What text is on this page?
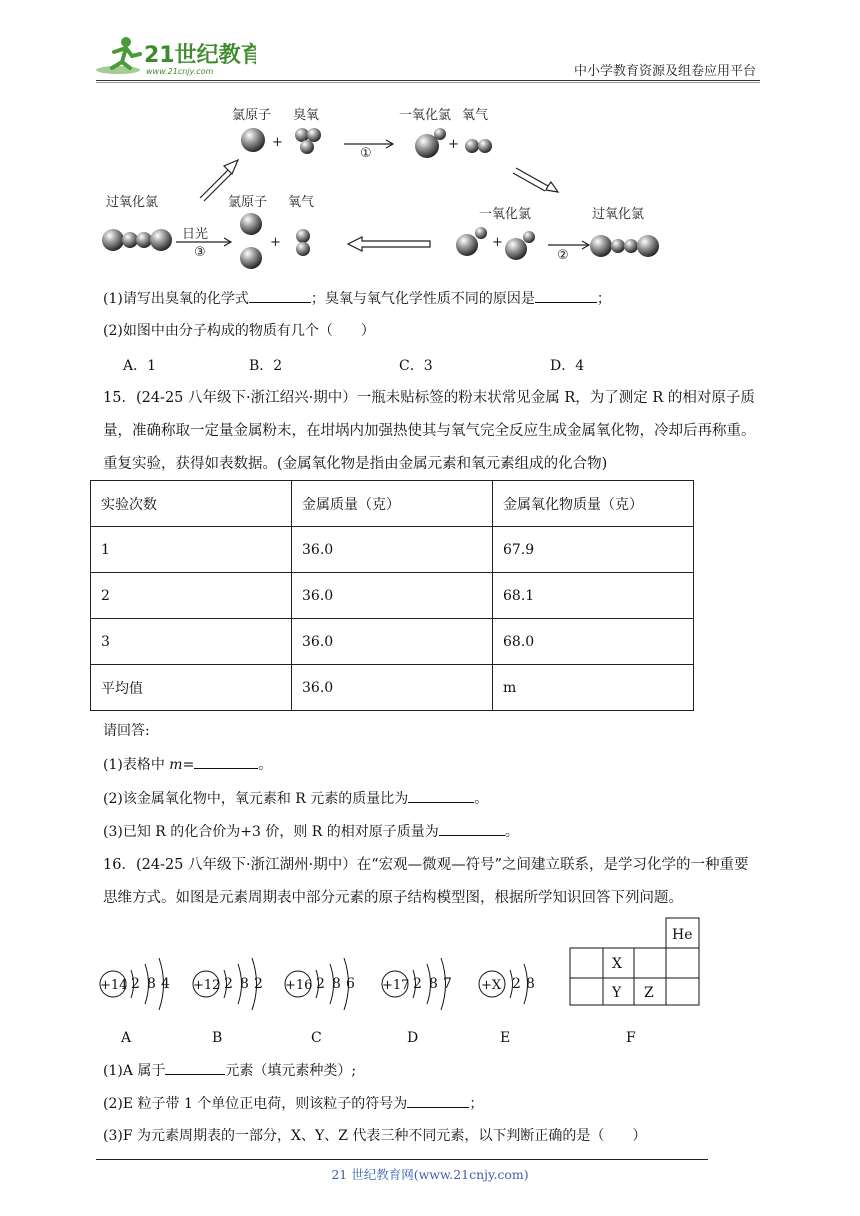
21世纪教育
www.21cnjy.com	中小学教育资源及组卷应用平台
氯原子 臭氧	一氧化氯 氧气
过氧化氯
日光
③
氯原子 氧气
一氧化氯	过氧化氯
①
②
+	+
+	+
(1)请写出臭氧的化学式	；臭氧与氧气化学性质不同的原因是	；
(2)如图中由分子构成的物质有几个（　　）
A．1	B．2	C．3	D．4
15．(24-25 八年级下·浙江绍兴·期中）一瓶未贴标签的粉末状常见金属 R，为了测定 R 的相对原子质量，准确称取一定量金属粉末，在坩埚内加强热使其与氧气完全反应生成金属氧化物，冷却后再称重。重复实验，获得如表数据。(金属氧化物是指由金属元素和氧元素组成的化合物)
实验次数	金属质量（克）	金属氧化物质量（克）
1	36.0	67.9
2	36.0	68.1
3	36.0	68.0
平均值	36.0	m
请回答:
(1)表格中 m=	。
(2)该金属氧化物中，氧元素和 R 元素的质量比为	。
(3)已知 R 的化合价为+3 价，则 R 的相对原子质量为	。
16．(24-25 八年级下·浙江湖州·期中）在“宏观—微观—符号”之间建立联系，是学习化学的一种重要思维方式。如图是元素周期表中部分元素的原子结构模型图，根据所学知识回答下列问题。
+14 2 8 4
A
+12 2 8 2
B
+16 2 8 6
C
+17 2 8 7
D
+X 2 8
E
He
X
Y Z
F
(1)A 属于	元素（填元素种类）;
(2)E 粒子带 1 个单位正电荷，则该粒子的符号为	；
(3)F 为元素周期表的一部分，X、Y、Z 代表三种不同元素，以下判断正确的是（　　）
21 世纪教育网(www.21cnjy.com)
